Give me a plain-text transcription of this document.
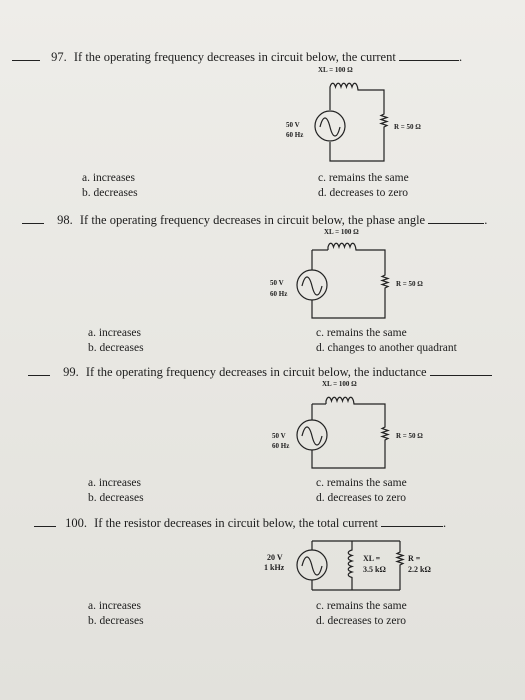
97. If the operating frequency decreases in circuit below, the current	.
XL = 100 Ω
50 V
60 Hz
R = 50 Ω
a. increases
b. decreases
c. remains the same
d. decreases to zero
98. If the operating frequency decreases in circuit below, the phase angle	.
XL = 100 Ω
50 V
60 Hz
R = 50 Ω
a. increases
b. decreases
c. remains the same
d. changes to another quadrant
99. If the operating frequency decreases in circuit below, the inductance
XL = 100 Ω
50 V
60 Hz
R = 50 Ω
a. increases
b. decreases
c. remains the same
d. decreases to zero
100. If the resistor decreases in circuit below, the total current	.
20 V
1 kHz
XL =
3.5 kΩ
R =
2.2 kΩ
a. increases
b. decreases
c. remains the same
d. decreases to zero
